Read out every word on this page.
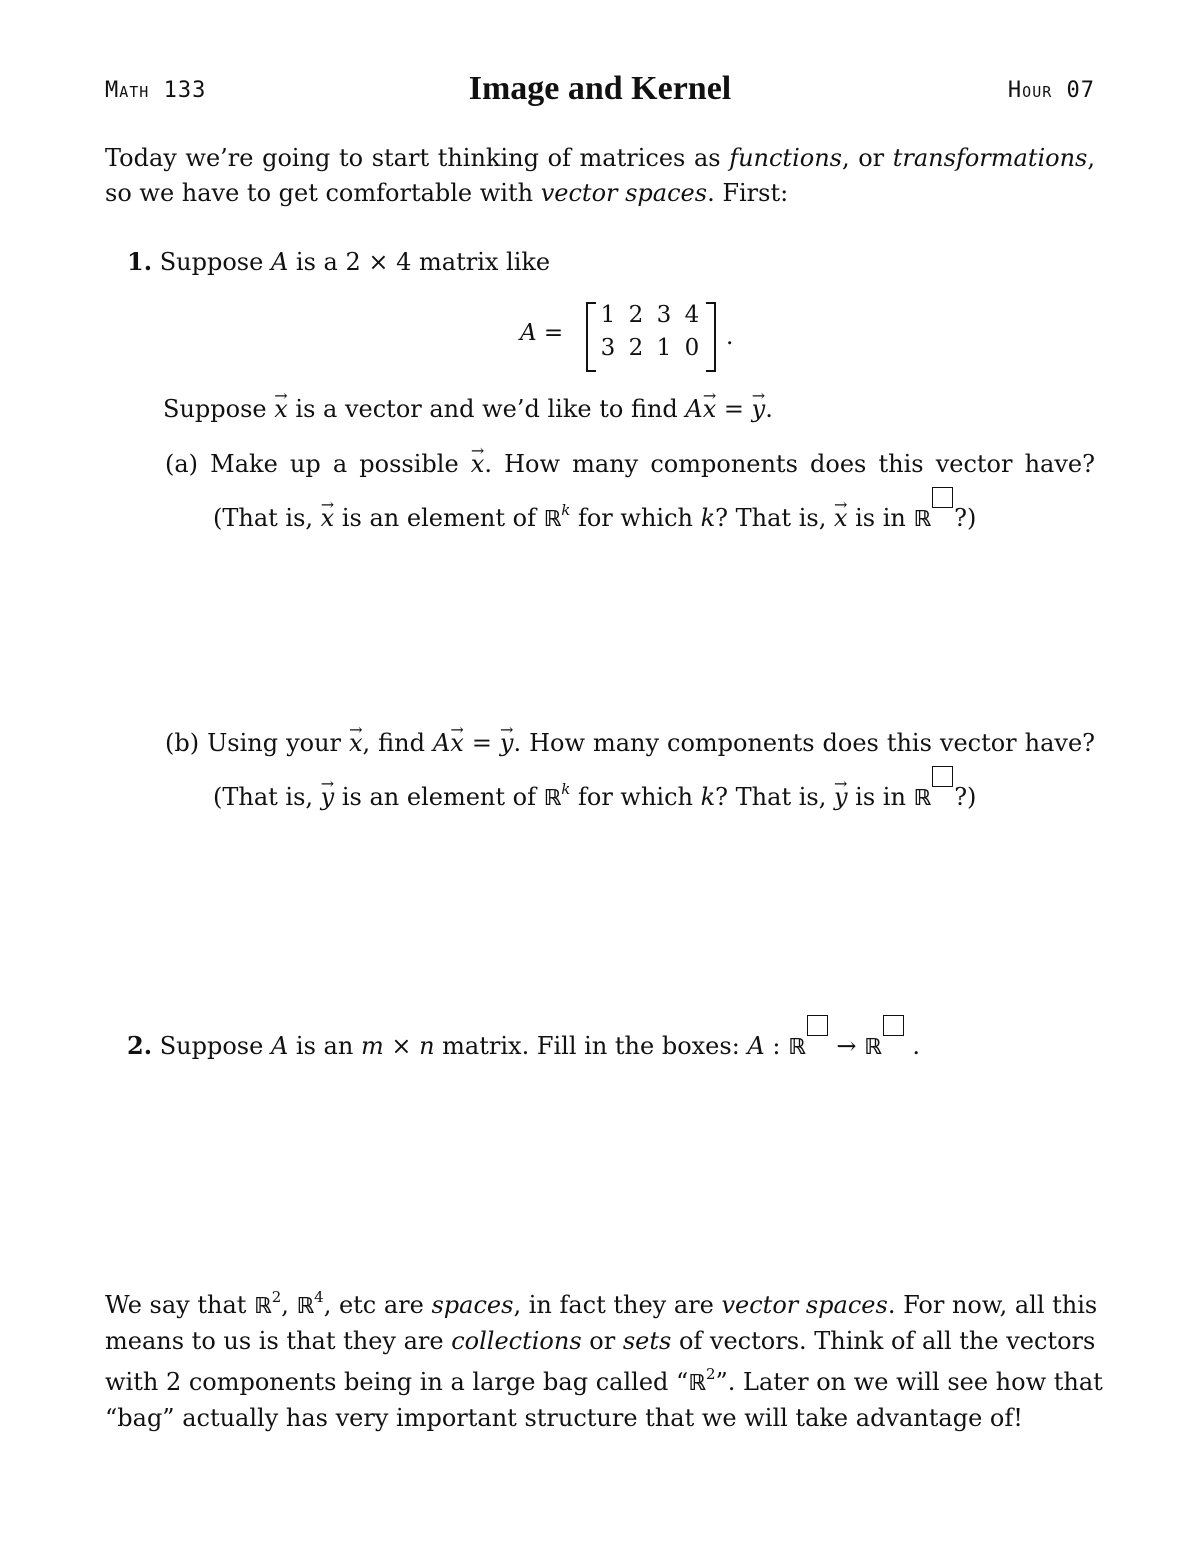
Math 133	Image and Kernel	Hour 07
Today we’re going to start thinking of matrices as functions, or transformations,
so we have to get comfortable with vector spaces. First:
1. Suppose A is a 2 × 4 matrix like
A =
1 2 3 4
3 2 1 0 .
Suppose → x is a vector and we’d like to find A→ x = → y.
(a) Make up a possible → x. How many components does this vector have?
(That is, → x is an element of ℝ$^k$ for which k? That is, → x is in ℝ ?)
(b) Using your → x, find A→ x = → y. How many components does this vector have?
(That is, → y is an element of ℝ$^k$ for which k? That is, → y is in ℝ ?)
2. Suppose A is an m × n matrix. Fill in the boxes: A : ℝ → ℝ .
We say that ℝ$^2$, ℝ$^4$, etc are spaces, in fact they are vector spaces. For now, all this
means to us is that they are collections or sets of vectors. Think of all the vectors
with 2 components being in a large bag called “ℝ$^2$”. Later on we will see how that
“bag” actually has very important structure that we will take advantage of!
